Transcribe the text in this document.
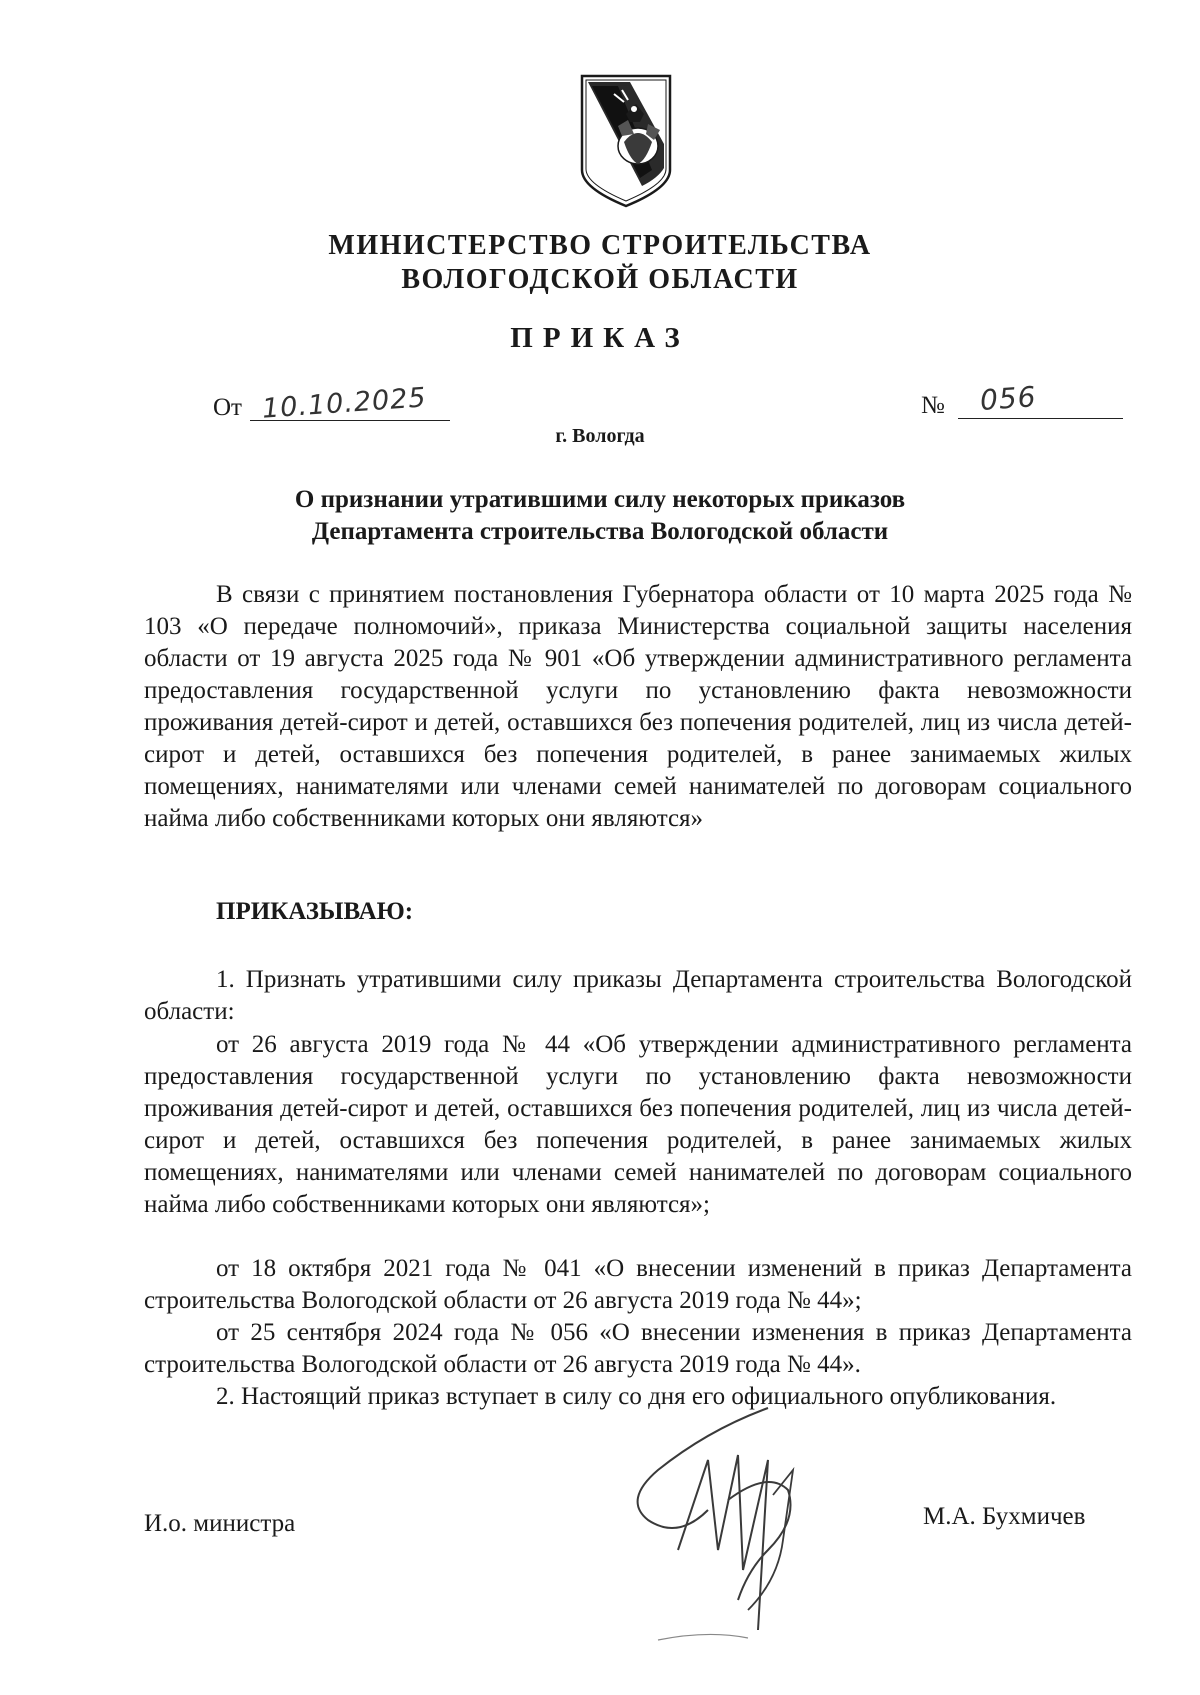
МИНИСТЕРСТВО СТРОИТЕЛЬСТВА
ВОЛОГОДСКОЙ ОБЛАСТИ
ПРИКАЗ
От 10.10.2025	№ 056
г. Вологда
О признании утратившими силу некоторых приказов
Департамента строительства Вологодской области

В связи с принятием постановления Губернатора области от 10 марта 2025 года № 103 «О передаче полномочий», приказа Министерства социальной защиты населения области от 19 августа 2025 года № 901 «Об утверждении административного регламента предоставления государственной услуги по установлению факта невозможности проживания детей-сирот и детей, оставшихся без попечения родителей, лиц из числа детей-сирот и детей, оставшихся без попечения родителей, в ранее занимаемых жилых помещениях, нанимателями или членами семей нанимателей по договорам социального найма либо собственниками которых они являются»

ПРИКАЗЫВАЮ:

1. Признать утратившими силу приказы Департамента строительства Вологодской области:

от 26 августа 2019 года № 44 «Об утверждении административного регламента предоставления государственной услуги по установлению факта невозможности проживания детей-сирот и детей, оставшихся без попечения родителей, лиц из числа детей-сирот и детей, оставшихся без попечения родителей, в ранее занимаемых жилых помещениях, нанимателями или членами семей нанимателей по договорам социального найма либо собственниками которых они являются»;

от 18 октября 2021 года № 041 «О внесении изменений в приказ Департамента строительства Вологодской области от 26 августа 2019 года № 44»;

от 25 сентября 2024 года № 056 «О внесении изменения в приказ Департамента строительства Вологодской области от 26 августа 2019 года № 44».

2. Настоящий приказ вступает в силу со дня его официального опубликования.

И.о. министра	М.А. Бухмичев
